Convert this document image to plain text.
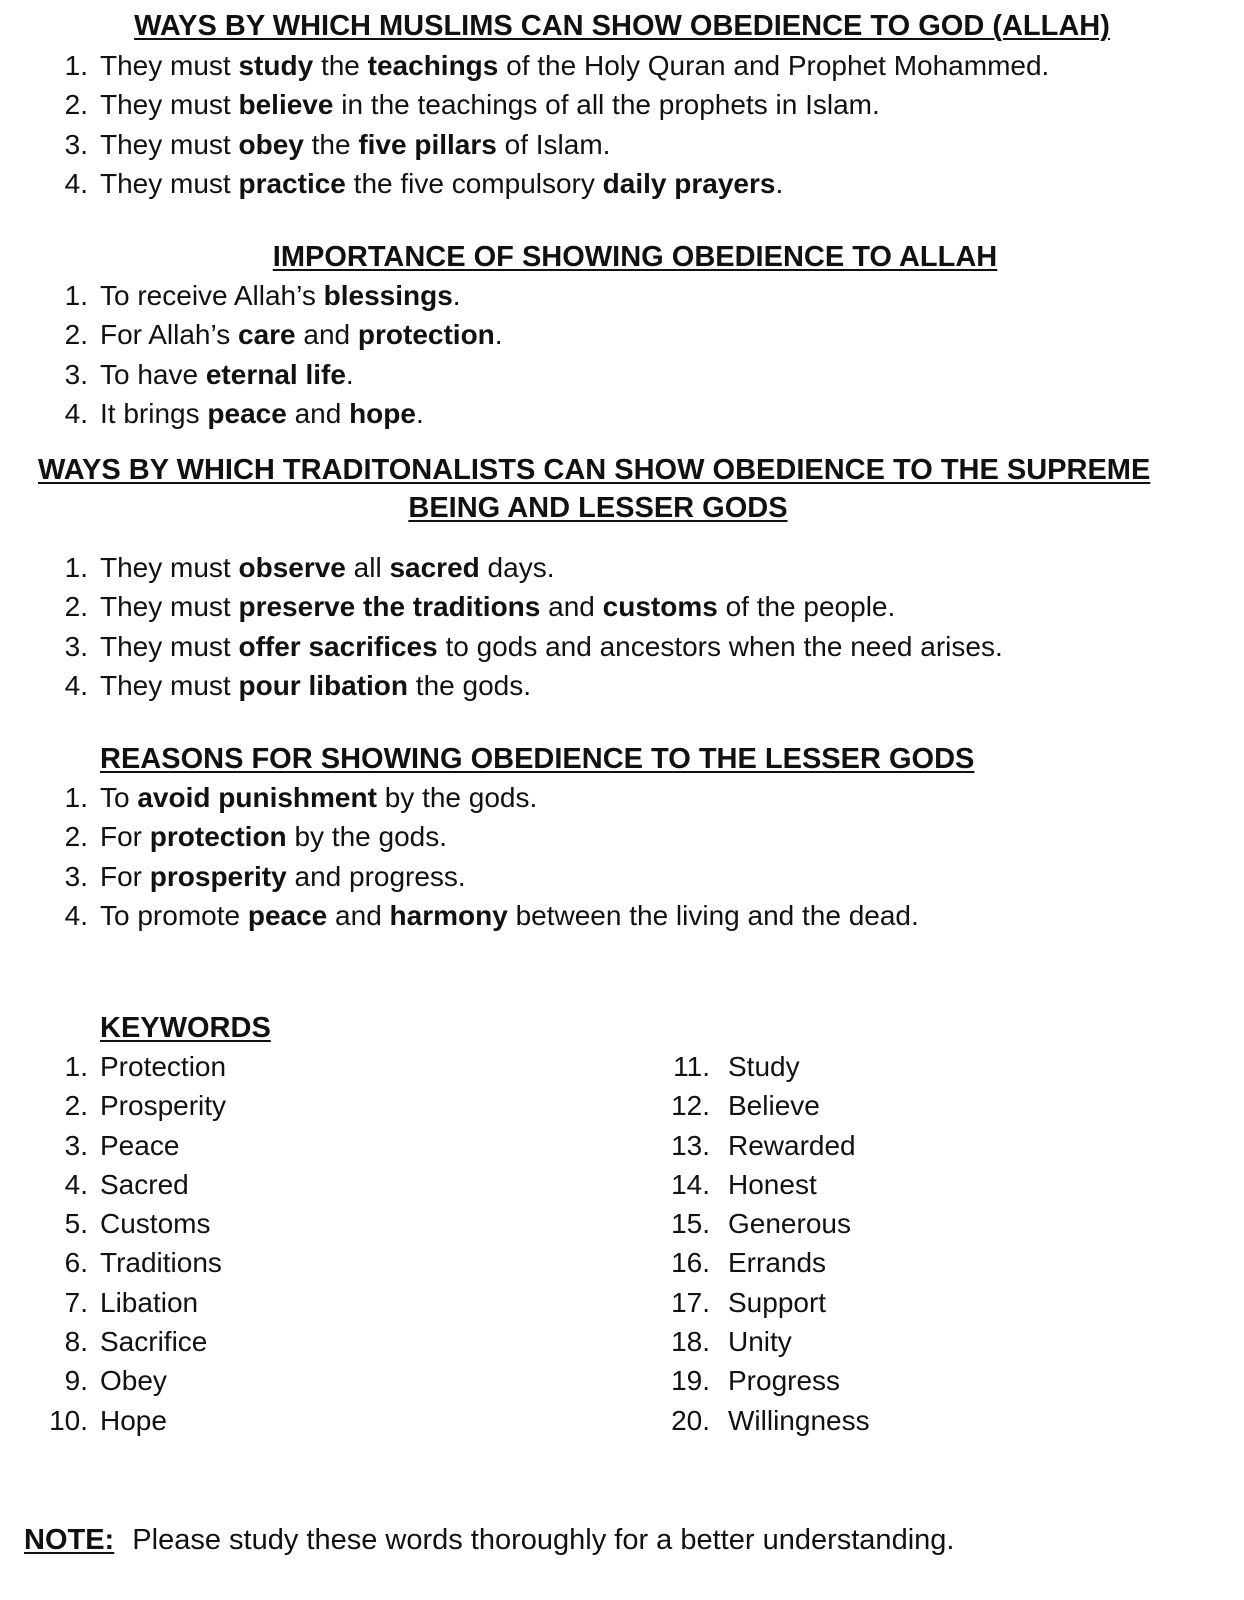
WAYS BY WHICH MUSLIMS CAN SHOW OBEDIENCE TO GOD (ALLAH)
1. They must study the teachings of the Holy Quran and Prophet Mohammed.
2. They must believe in the teachings of all the prophets in Islam.
3. They must obey the five pillars of Islam.
4. They must practice the five compulsory daily prayers.
IMPORTANCE OF SHOWING OBEDIENCE TO ALLAH
1. To receive Allah’s blessings.
2. For Allah’s care and protection.
3. To have eternal life.
4. It brings peace and hope.
WAYS BY WHICH TRADITONALISTS CAN SHOW OBEDIENCE TO THE SUPREME
BEING AND LESSER GODS
1. They must observe all sacred days.
2. They must preserve the traditions and customs of the people.
3. They must offer sacrifices to gods and ancestors when the need arises.
4. They must pour libation the gods.
REASONS FOR SHOWING OBEDIENCE TO THE LESSER GODS
1. To avoid punishment by the gods.
2. For protection by the gods.
3. For prosperity and progress.
4. To promote peace and harmony between the living and the dead.
KEYWORDS
1. Protection
2. Prosperity
3. Peace
4. Sacred
5. Customs
6. Traditions
7. Libation
8. Sacrifice
9. Obey
10. Hope
11. Study
12. Believe
13. Rewarded
14. Honest
15. Generous
16. Errands
17. Support
18. Unity
19. Progress
20. Willingness
NOTE: Please study these words thoroughly for a better understanding.
